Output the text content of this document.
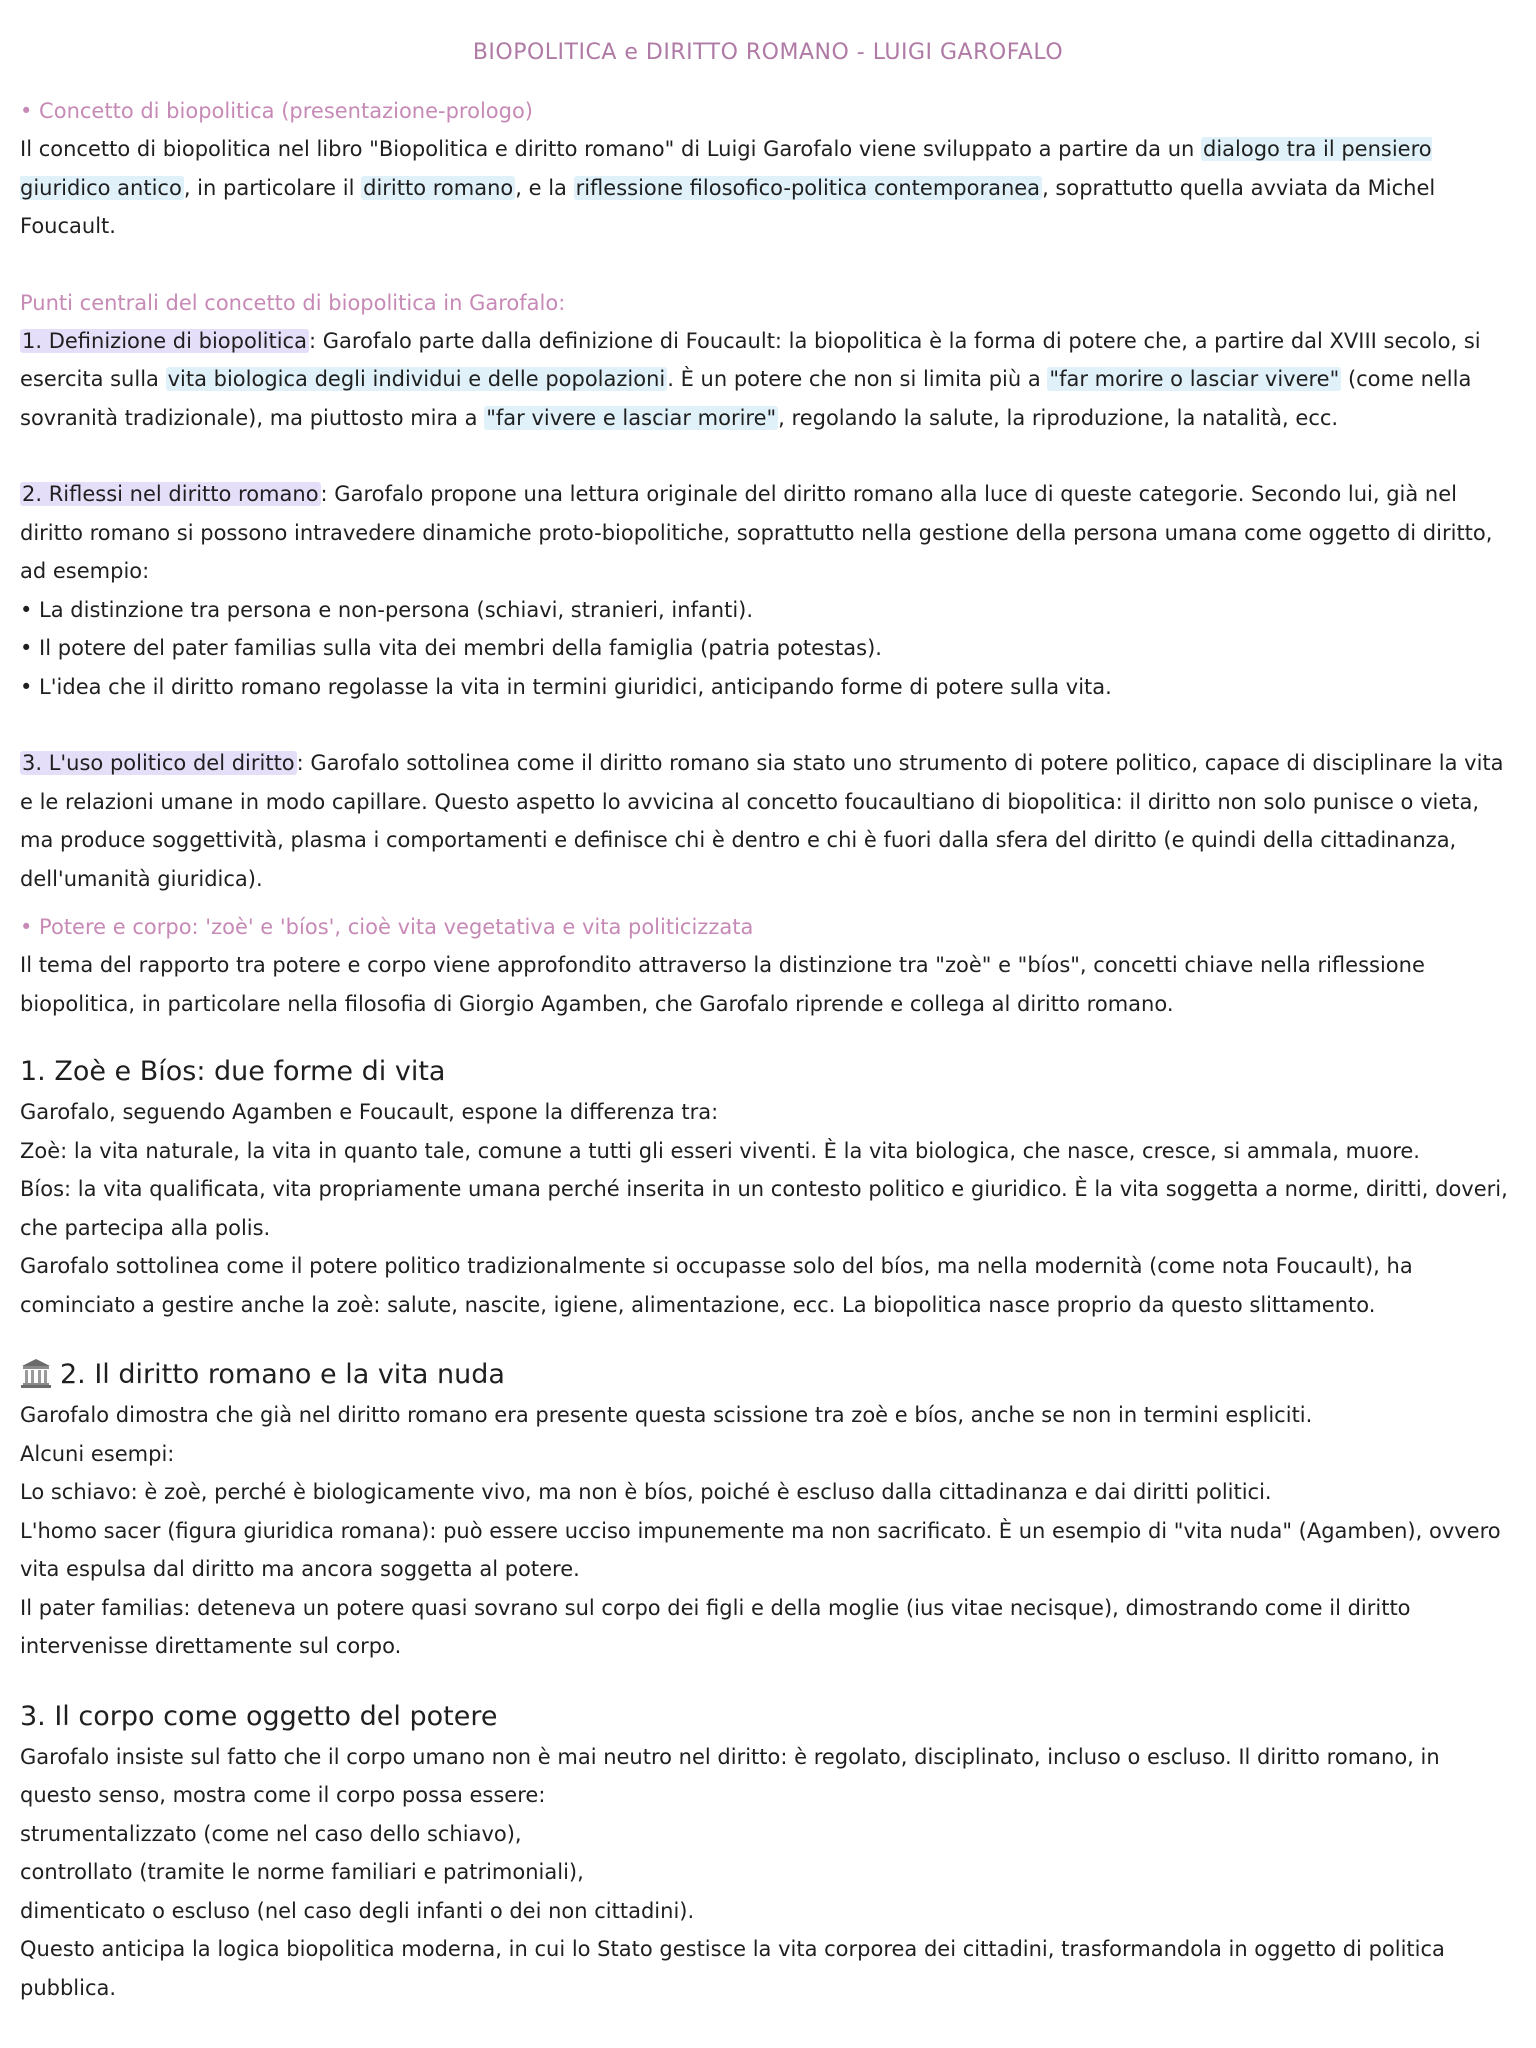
BIOPOLITICA e DIRITTO ROMANO - LUIGI GAROFALO
• Concetto di biopolitica (presentazione-prologo)

Il concetto di biopolitica nel libro "Biopolitica e diritto romano" di Luigi Garofalo viene sviluppato a partire da un dialogo tra il pensiero giuridico antico, in particolare il diritto romano, e la riflessione filosofico-politica contemporanea, soprattutto quella avviata da Michel Foucault.

Punti centrali del concetto di biopolitica in Garofalo:

1. Definizione di biopolitica: Garofalo parte dalla definizione di Foucault: la biopolitica è la forma di potere che, a partire dal XVIII secolo, si esercita sulla vita biologica degli individui e delle popolazioni. È un potere che non si limita più a "far morire o lasciar vivere" (come nella sovranità tradizionale), ma piuttosto mira a "far vivere e lasciar morire", regolando la salute, la riproduzione, la natalità, ecc.

2. Riflessi nel diritto romano: Garofalo propone una lettura originale del diritto romano alla luce di queste categorie. Secondo lui, già nel diritto romano si possono intravedere dinamiche proto-biopolitiche, soprattutto nella gestione della persona umana come oggetto di diritto, ad esempio:

• La distinzione tra persona e non-persona (schiavi, stranieri, infanti).
• Il potere del pater familias sulla vita dei membri della famiglia (patria potestas).
• L'idea che il diritto romano regolasse la vita in termini giuridici, anticipando forme di potere sulla vita.

3. L'uso politico del diritto: Garofalo sottolinea come il diritto romano sia stato uno strumento di potere politico, capace di disciplinare la vita e le relazioni umane in modo capillare. Questo aspetto lo avvicina al concetto foucaultiano di biopolitica: il diritto non solo punisce o vieta, ma produce soggettività, plasma i comportamenti e definisce chi è dentro e chi è fuori dalla sfera del diritto (e quindi della cittadinanza, dell'umanità giuridica).

• Potere e corpo: 'zoè' e 'bíos', cioè vita vegetativa e vita politicizzata

Il tema del rapporto tra potere e corpo viene approfondito attraverso la distinzione tra "zoè" e "bíos", concetti chiave nella riflessione biopolitica, in particolare nella filosofia di Giorgio Agamben, che Garofalo riprende e collega al diritto romano.

1. Zoè e Bíos: due forme di vita

Garofalo, seguendo Agamben e Foucault, espone la differenza tra:

Zoè: la vita naturale, la vita in quanto tale, comune a tutti gli esseri viventi. È la vita biologica, che nasce, cresce, si ammala, muore.

Bíos: la vita qualificata, vita propriamente umana perché inserita in un contesto politico e giuridico. È la vita soggetta a norme, diritti, doveri, che partecipa alla polis.

Garofalo sottolinea come il potere politico tradizionalmente si occupasse solo del bíos, ma nella modernità (come nota Foucault), ha cominciato a gestire anche la zoè: salute, nascite, igiene, alimentazione, ecc. La biopolitica nasce proprio da questo slittamento.

2. Il diritto romano e la vita nuda

Garofalo dimostra che già nel diritto romano era presente questa scissione tra zoè e bíos, anche se non in termini espliciti.

Alcuni esempi:

Lo schiavo: è zoè, perché è biologicamente vivo, ma non è bíos, poiché è escluso dalla cittadinanza e dai diritti politici.

L'homo sacer (figura giuridica romana): può essere ucciso impunemente ma non sacrificato. È un esempio di "vita nuda" (Agamben), ovvero vita espulsa dal diritto ma ancora soggetta al potere.

Il pater familias: deteneva un potere quasi sovrano sul corpo dei figli e della moglie (ius vitae necisque), dimostrando come il diritto intervenisse direttamente sul corpo.

3. Il corpo come oggetto del potere

Garofalo insiste sul fatto che il corpo umano non è mai neutro nel diritto: è regolato, disciplinato, incluso o escluso. Il diritto romano, in questo senso, mostra come il corpo possa essere:

strumentalizzato (come nel caso dello schiavo),

controllato (tramite le norme familiari e patrimoniali),

dimenticato o escluso (nel caso degli infanti o dei non cittadini).

Questo anticipa la logica biopolitica moderna, in cui lo Stato gestisce la vita corporea dei cittadini, trasformandola in oggetto di politica pubblica.
